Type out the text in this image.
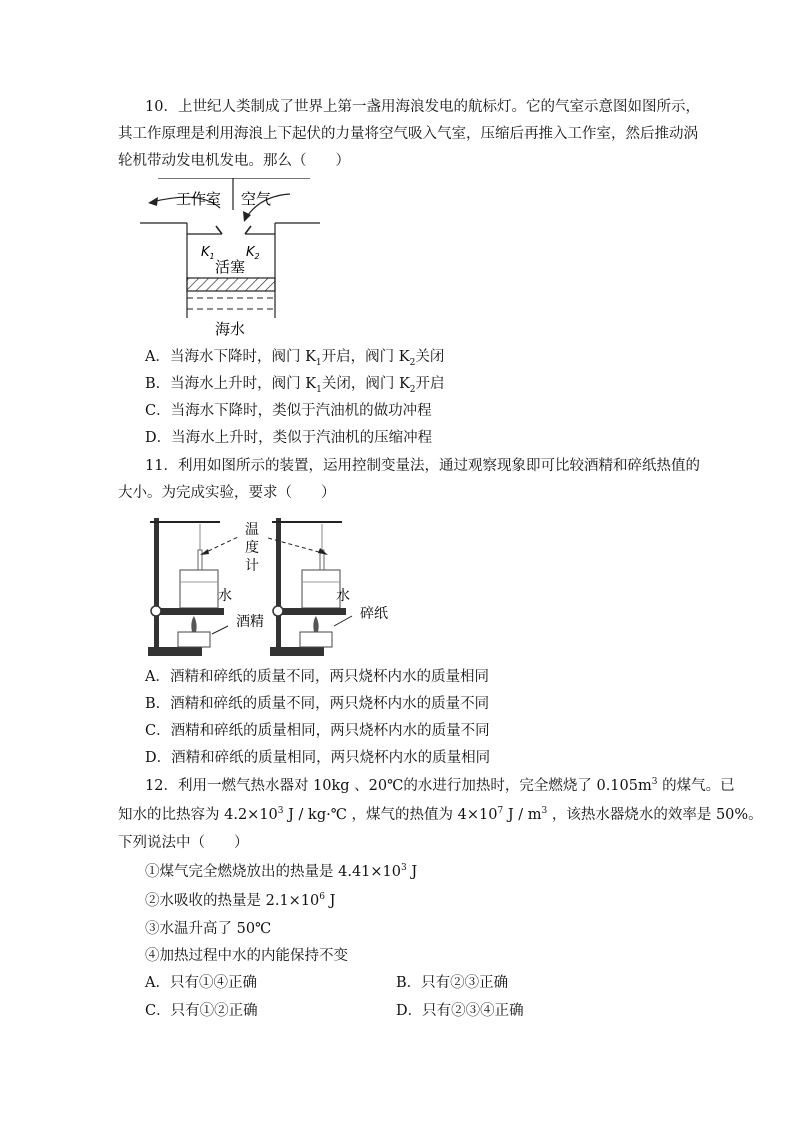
10．上世纪人类制成了世界上第一盏用海浪发电的航标灯。它的气室示意图如图所示，
其工作原理是利用海浪上下起伏的力量将空气吸入气室，压缩后再推入工作室，然后推动涡
轮机带动发电机发电。那么（　　）
工作室 空气
$K_1$ $K_2$
活塞
海水
A．当海水下降时，阀门 $K_1$开启，阀门 $K_2$关闭
B．当海水上升时，阀门 $K_1$关闭，阀门 $K_2$开启
C．当海水下降时，类似于汽油机的做功冲程
D．当海水上升时，类似于汽油机的压缩冲程
11．利用如图所示的装置，运用控制变量法，通过观察现象即可比较酒精和碎纸热值的
大小。为完成实验，要求（　　）
温
度
计
水	水
酒精	碎纸
A．酒精和碎纸的质量不同，两只烧杯内水的质量相同
B．酒精和碎纸的质量不同，两只烧杯内水的质量不同
C．酒精和碎纸的质量相同，两只烧杯内水的质量不同
D．酒精和碎纸的质量相同，两只烧杯内水的质量相同
12．利用一燃气热水器对 10kg 、20℃的水进行加热时，完全燃烧了 $0.105m^3$ 的煤气。已
知水的比热容为 $4.2\times 10^3$ J / kg·℃ ，煤气的热值为 $4\times 10^7$ J / $m^3$ ，该热水器烧水的效率是 50%。
下列说法中（　　）
①煤气完全燃烧放出的热量是 $4.41\times 10^3$ J
②水吸收的热量是 $2.1\times 10^6$ J
③水温升高了 50℃
④加热过程中水的内能保持不变
A．只有①④正确	B．只有②③正确
C．只有①②正确	D．只有②③④正确
